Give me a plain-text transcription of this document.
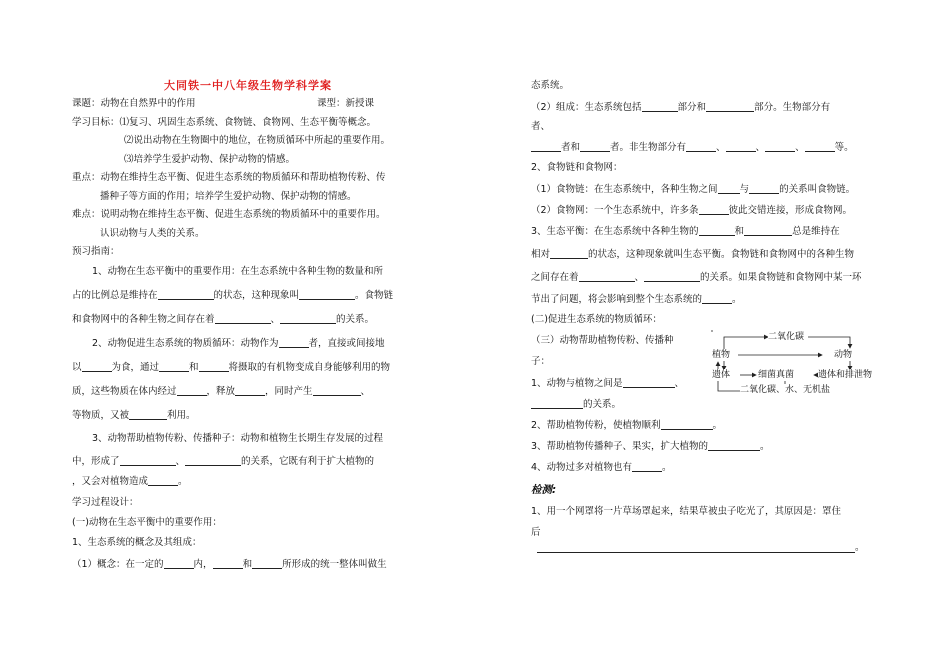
大同铁一中八年级生物学科学案
课题：动物在自然界中的作用	课型：新授课
学习目标：⑴复习、巩固生态系统、食物链、食物网、生态平衡等概念。
⑵说出动物在生物圈中的地位，在物质循环中所起的重要作用。
⑶培养学生爱护动物、保护动物的情感。
重点：动物在维持生态平衡、促进生态系统的物质循环和帮助植物传粉、传
播种子等方面的作用；培养学生爱护动物、保护动物的情感。
难点：说明动物在维持生态平衡、促进生态系统的物质循环中的重要作用。
认识动物与人类的关系。
预习指南：
1、动物在生态平衡中的重要作用：在生态系统中各种生物的数量和所
占的比例总是维持在	的状态，这种现象叫	。食物链
和食物网中的各种生物之间存在着	、	的关系。
2、动物促进生态系统的物质循环：动物作为	者，直接或间接地
以	为食，通过	和	将摄取的有机物变成自身能够利用的物
质，这些物质在体内经过	，释放	，同时产生	、
等物质，又被	利用。
3、动物帮助植物传粉、传播种子：动物和植物生长期生存发展的过程
中，形成了	、	的关系，它既有利于扩大植物的
，又会对植物造成	。
学习过程设计：
(一)动物在生态平衡中的重要作用：
1、生态系统的概念及其组成：
（1）概念：在一定的	内，	和	所形成的统一整体叫做生
态系统。
（2）组成：生态系统包括	部分和	部分。生物部分有
者、
者和	者。非生物部分有	、	、	、	等。
2、食物链和食物网：
（1）食物链：在生态系统中，各种生物之间 与	的关系叫食物链。
（2）食物网：一个生态系统中，许多条	彼此交错连接，形成食物网。
3、生态平衡：在生态系统中各种生物的	和	总是维持在
相对	的状态，这种现象就叫生态平衡。食物链和食物网中的各种生物
之间存在着	、	的关系。如果食物链和食物网中某一环
节出了问题，将会影响到整个生态系统的	。
(二)促进生态系统的物质循环：
（三）动物帮助植物传粉、传播种
子：
1、动物与植物之间是	、
的关系。
2、帮助植物传粉，使植物顺利	。
3、帮助植物传播种子、果实，扩大植物的	。
4、动物过多对植物也有	。
检测:
1、用一个网罩将一片草场罩起来，结果草被虫子吃光了，其原因是：罩住
后
。
二氧化碳
植物	动物
遗体	细菌真菌	遗体和排泄物
二氧化碳、水、无机盐
